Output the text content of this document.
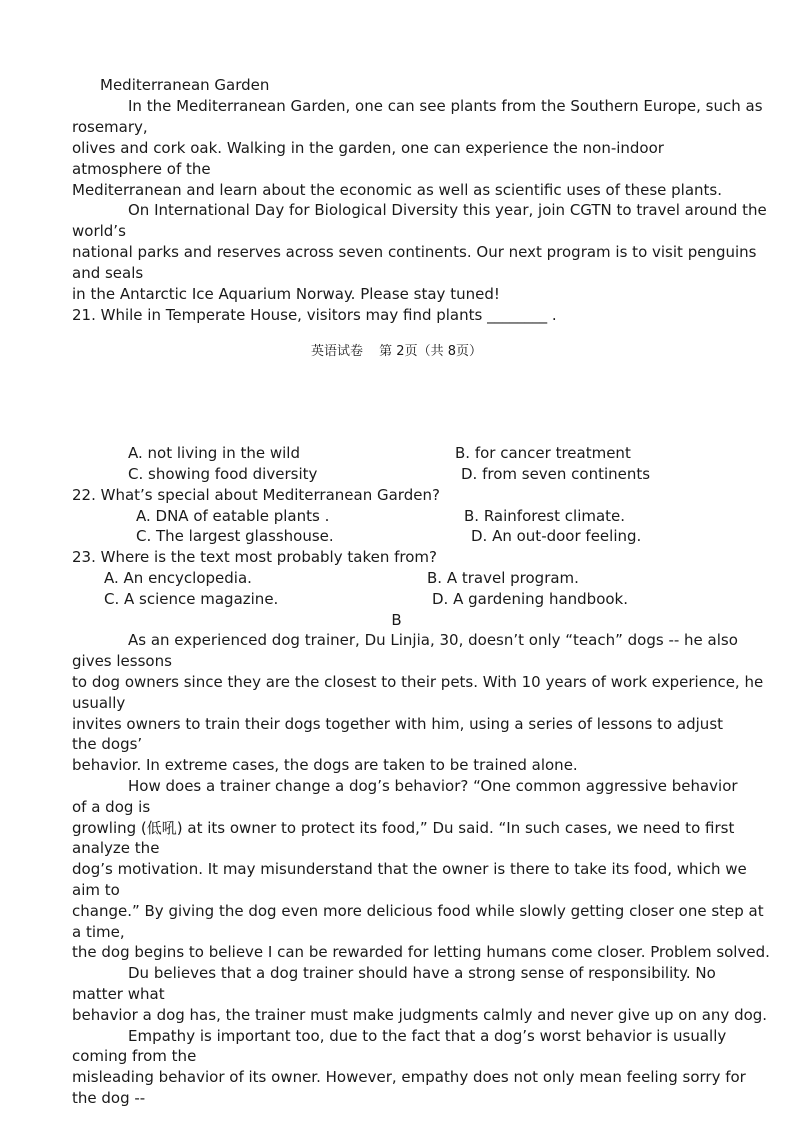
Mediterranean Garden
In the Mediterranean Garden, one can see plants from the Southern Europe, such as
rosemary,
olives and cork oak. Walking in the garden, one can experience the non-indoor
atmosphere of the
Mediterranean and learn about the economic as well as scientific uses of these plants.
On International Day for Biological Diversity this year, join CGTN to travel around the
world’s
national parks and reserves across seven continents. Our next program is to visit penguins
and seals
in the Antarctic Ice Aquarium Norway. Please stay tuned!
21. While in Temperate House, visitors may find plants ________ .
英语试卷 第 2页（共 8页）
A. not living in the wild	B. for cancer treatment
C. showing food diversity	D. from seven continents
22. What’s special about Mediterranean Garden?
A. DNA of eatable plants .	B. Rainforest climate.
C. The largest glasshouse.	D. An out-door feeling.
23. Where is the text most probably taken from?
A. An encyclopedia.	B. A travel program.
C. A science magazine.	D. A gardening handbook.
B
As an experienced dog trainer, Du Linjia, 30, doesn’t only “teach” dogs -- he also
gives lessons
to dog owners since they are the closest to their pets. With 10 years of work experience, he
usually
invites owners to train their dogs together with him, using a series of lessons to adjust
the dogs’
behavior. In extreme cases, the dogs are taken to be trained alone.
How does a trainer change a dog’s behavior? “One common aggressive behavior
of a dog is
growling (低吼) at its owner to protect its food,” Du said. “In such cases, we need to first
analyze the
dog’s motivation. It may misunderstand that the owner is there to take its food, which we
aim to
change.” By giving the dog even more delicious food while slowly getting closer one step at
a time,
the dog begins to believe I can be rewarded for letting humans come closer. Problem solved.
Du believes that a dog trainer should have a strong sense of responsibility. No
matter what
behavior a dog has, the trainer must make judgments calmly and never give up on any dog.
Empathy is important too, due to the fact that a dog’s worst behavior is usually
coming from the
misleading behavior of its owner. However, empathy does not only mean feeling sorry for
the dog --
